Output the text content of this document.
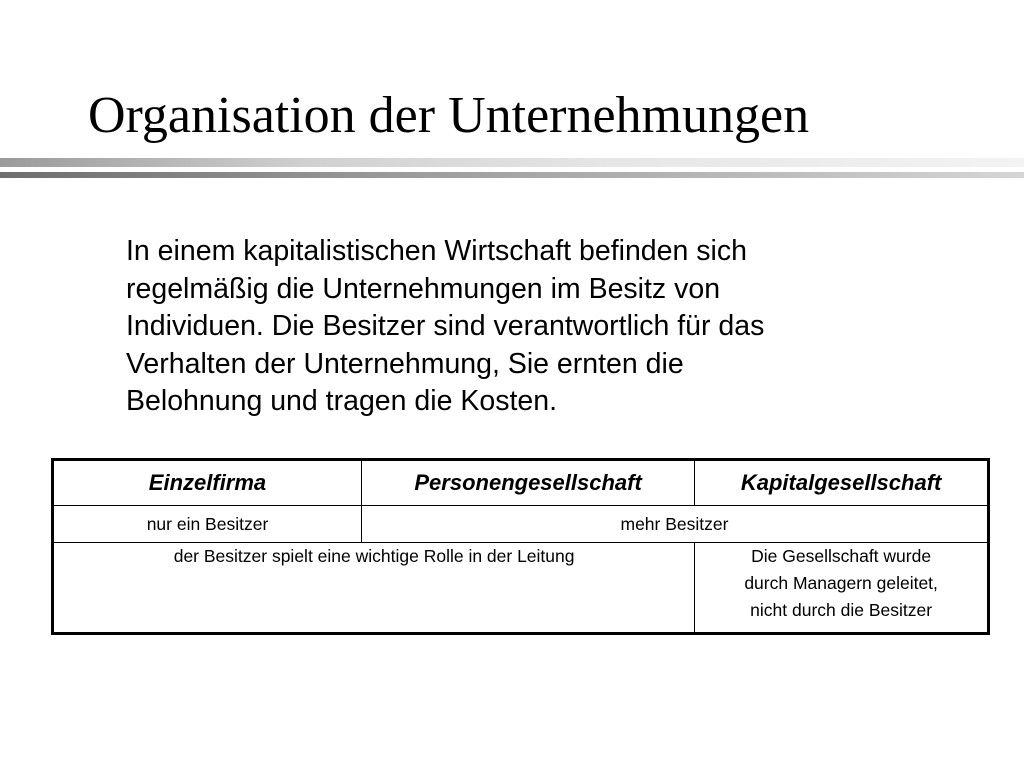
Organisation der Unternehmungen

In einem kapitalistischen Wirtschaft befinden sich
regelmäßig die Unternehmungen im Besitz von
Individuen. Die Besitzer sind verantwortlich für das
Verhalten der Unternehmung, Sie ernten die
Belohnung und tragen die Kosten.

Einzelfirma	Personengesellschaft	Kapitalgesellschaft
nur ein Besitzer	mehr Besitzer	
der Besitzer spielt eine wichtige Rolle in der Leitung		Die Gesellschaft wurde
durch Managern geleitet,
nicht durch die Besitzer
